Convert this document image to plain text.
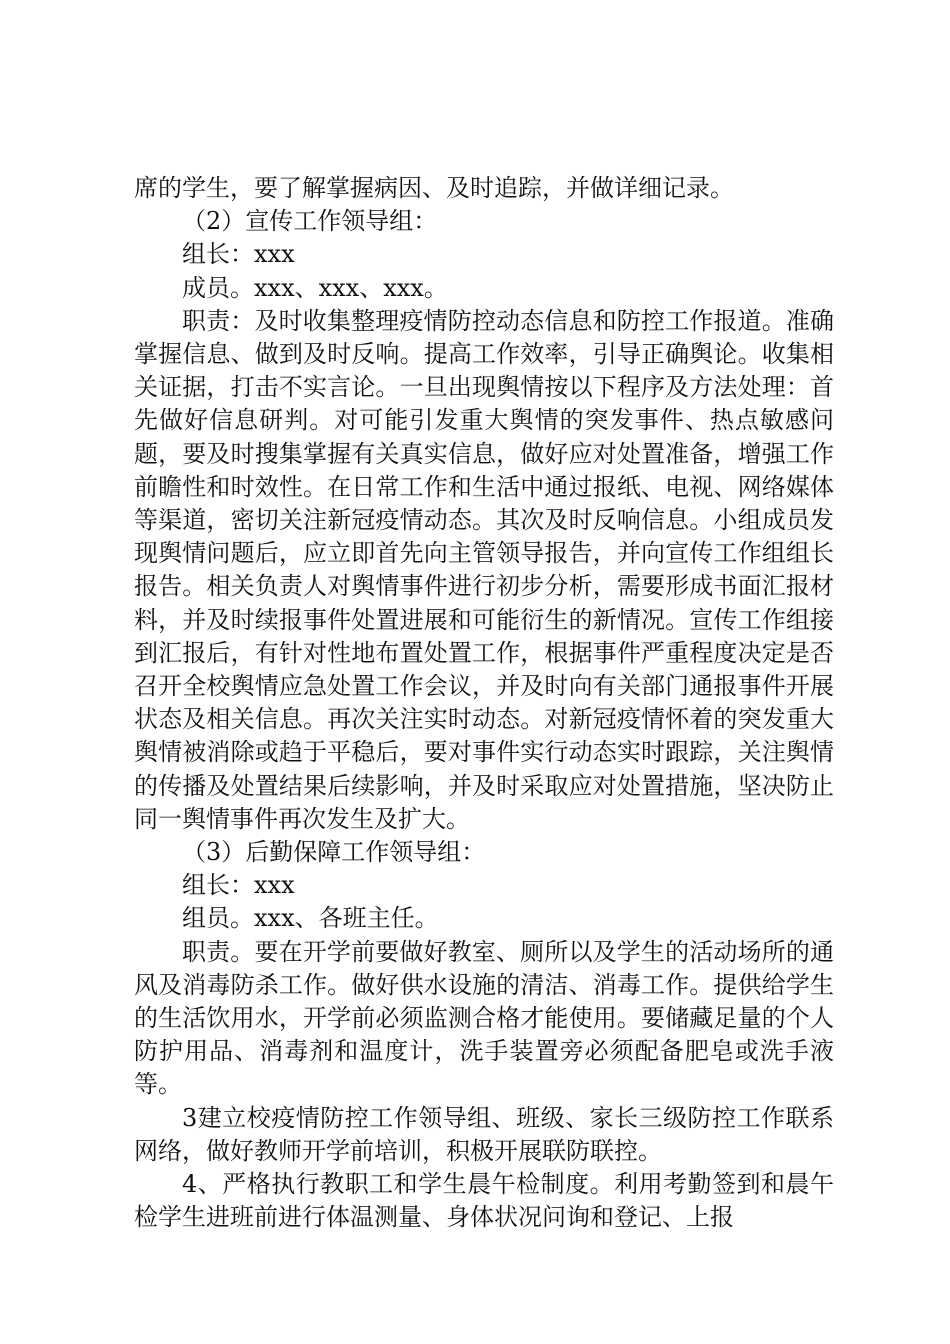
席的学生，要了解掌握病因、及时追踪，并做详细记录。

（2）宣传工作领导组：

组长：xxx

成员。xxx、xxx、xxx。

职责：及时收集整理疫情防控动态信息和防控工作报道。准确掌握信息、做到及时反响。提高工作效率，引导正确舆论。收集相关证据，打击不实言论。一旦出现舆情按以下程序及方法处理：首先做好信息研判。对可能引发重大舆情的突发事件、热点敏感问题，要及时搜集掌握有关真实信息，做好应对处置准备，增强工作前瞻性和时效性。在日常工作和生活中通过报纸、电视、网络媒体等渠道，密切关注新冠疫情动态。其次及时反响信息。小组成员发现舆情问题后，应立即首先向主管领导报告，并向宣传工作组组长报告。相关负责人对舆情事件进行初步分析，需要形成书面汇报材料，并及时续报事件处置进展和可能衍生的新情况。宣传工作组接到汇报后，有针对性地布置处置工作，根据事件严重程度决定是否召开全校舆情应急处置工作会议，并及时向有关部门通报事件开展状态及相关信息。再次关注实时动态。对新冠疫情怀着的突发重大舆情被消除或趋于平稳后，要对事件实行动态实时跟踪，关注舆情的传播及处置结果后续影响，并及时采取应对处置措施，坚决防止同一舆情事件再次发生及扩大。

（3）后勤保障工作领导组：

组长：xxx

组员。xxx、各班主任。

职责。要在开学前要做好教室、厕所以及学生的活动场所的通风及消毒防杀工作。做好供水设施的清洁、消毒工作。提供给学生的生活饮用水，开学前必须监测合格才能使用。要储藏足量的个人防护用品、消毒剂和温度计，洗手装置旁必须配备肥皂或洗手液等。

3建立校疫情防控工作领导组、班级、家长三级防控工作联系网络，做好教师开学前培训，积极开展联防联控。

4、严格执行教职工和学生晨午检制度。利用考勤签到和晨午检学生进班前进行体温测量、身体状况问询和登记、上报
